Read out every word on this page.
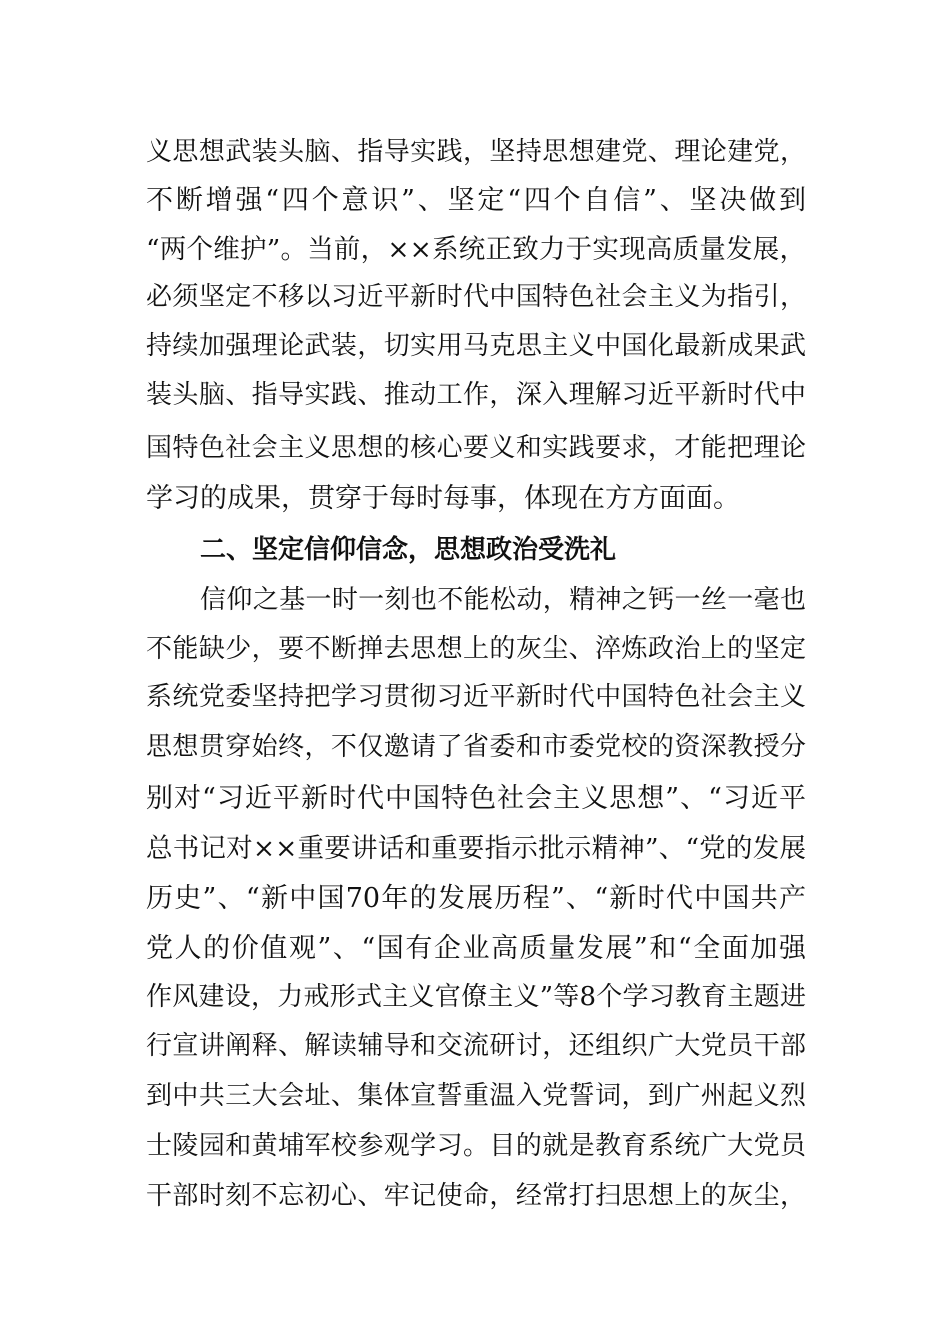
义思想武装头脑、指导实践，坚持思想建党、理论建党，
不断增强“四个意识”、坚定“四个自信”、坚决做到
“两个维护”。当前，××系统正致力于实现高质量发展，
必须坚定不移以习近平新时代中国特色社会主义为指引，
持续加强理论武装，切实用马克思主义中国化最新成果武
装头脑、指导实践、推动工作，深入理解习近平新时代中
国特色社会主义思想的核心要义和实践要求，才能把理论
学习的成果，贯穿于每时每事，体现在方方面面。
二、坚定信仰信念，思想政治受洗礼
信仰之基一时一刻也不能松动，精神之钙一丝一毫也
不能缺少，要不断掸去思想上的灰尘、淬炼政治上的坚定
系统党委坚持把学习贯彻习近平新时代中国特色社会主义
思想贯穿始终，不仅邀请了省委和市委党校的资深教授分
别对“习近平新时代中国特色社会主义思想”、“习近平
总书记对××重要讲话和重要指示批示精神”、“党的发展
历史”、“新中国70年的发展历程”、“新时代中国共产
党人的价值观”、“国有企业高质量发展”和“全面加强
作风建设，力戒形式主义官僚主义”等8个学习教育主题进
行宣讲阐释、解读辅导和交流研讨，还组织广大党员干部
到中共三大会址、集体宣誓重温入党誓词，到广州起义烈
士陵园和黄埔军校参观学习。目的就是教育系统广大党员
干部时刻不忘初心、牢记使命，经常打扫思想上的灰尘，
